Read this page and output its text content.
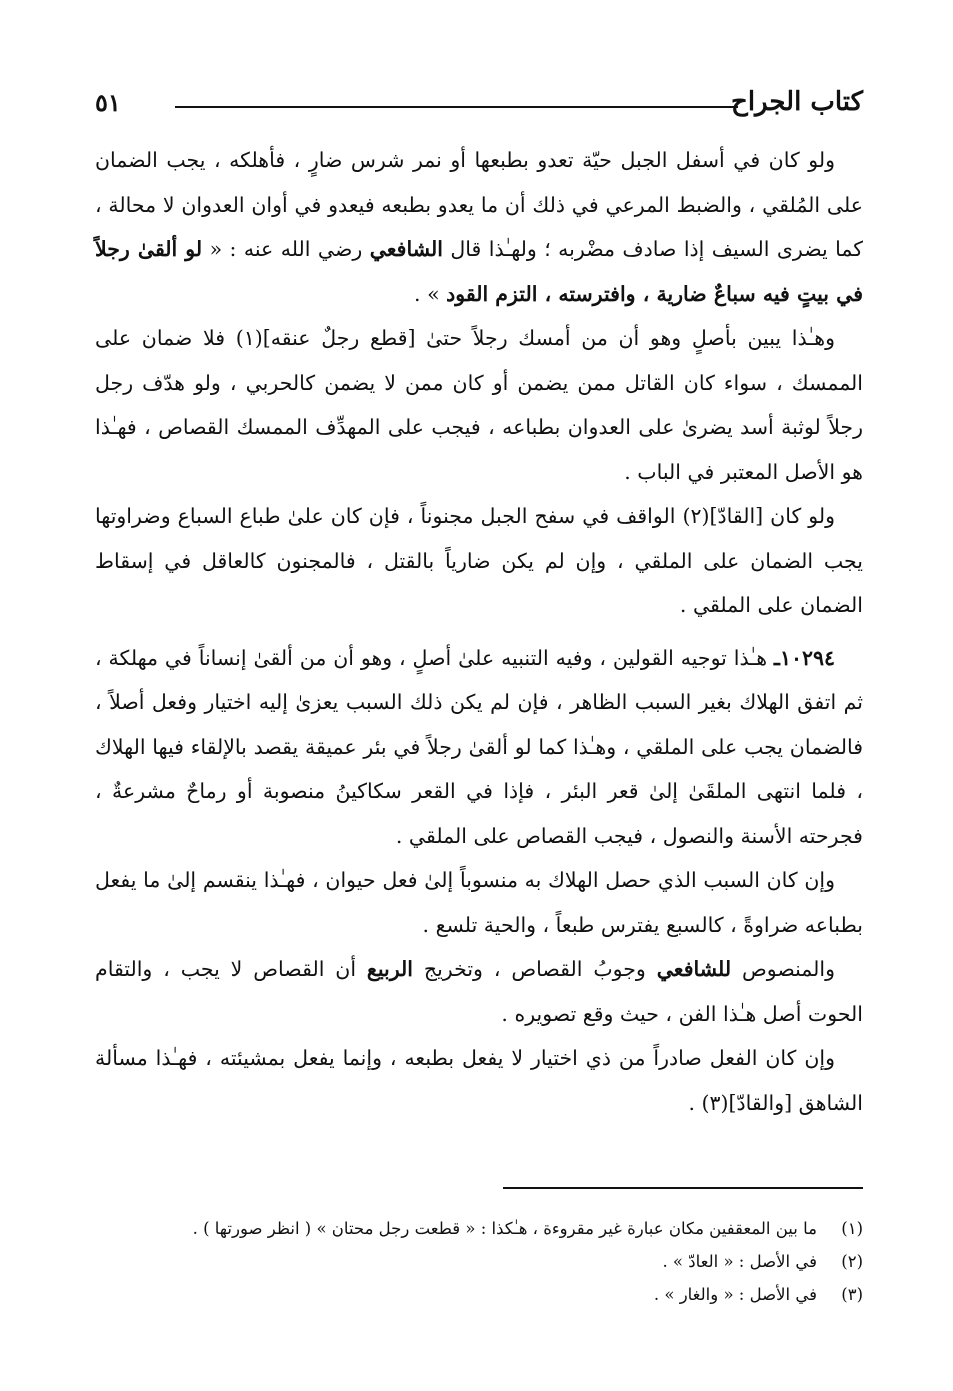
كتاب الجراح
٥١

ولو كان في أسفل الجبل حيّة تعدو بطبعها أو نمر شرس ضارٍ ، فأهلكه ، يجب الضمان على المُلقي ، والضبط المرعي في ذلك أن ما يعدو بطبعه فيعدو في أوان العدوان لا محالة ، كما يضرى السيف إذا صادف مضْربه ؛ ولهـٰذا قال الشافعي رضي الله عنه : « لو ألقىٰ رجلاً في بيتٍ فيه سباعٌ ضارية ، وافترسته ، التزم القود » .

وهـٰذا يبين بأصلٍ وهو أن من أمسك رجلاً حتىٰ [قطع رجلٌ عنقه](١) فلا ضمان على الممسك ، سواء كان القاتل ممن يضمن أو كان ممن لا يضمن كالحربي ، ولو هدّف رجل رجلاً لوثبة أسد يضرىٰ على العدوان بطباعه ، فيجب على المهدِّف الممسك القصاص ، فهـٰذا هو الأصل المعتبر في الباب .

ولو كان [القادّ](٢) الواقف في سفح الجبل مجنوناً ، فإن كان علىٰ طباع السباع وضراوتها يجب الضمان على الملقي ، وإن لم يكن ضارياً بالقتل ، فالمجنون كالعاقل في إسقاط الضمان على الملقي .

١٠٢٩٤ـ هـٰذا توجيه القولين ، وفيه التنبيه علىٰ أصلٍ ، وهو أن من ألقىٰ إنساناً في مهلكة ، ثم اتفق الهلاك بغير السبب الظاهر ، فإن لم يكن ذلك السبب يعزىٰ إليه اختيار وفعل أصلاً ، فالضمان يجب على الملقي ، وهـٰذا كما لو ألقىٰ رجلاً في بئر عميقة يقصد بالإلقاء فيها الهلاك ، فلما انتهى الملقَىٰ إلىٰ قعر البئر ، فإذا في القعر سكاكينُ منصوبة أو رماحٌ مشرعةٌ ، فجرحته الأسنة والنصول ، فيجب القصاص على الملقي .

وإن كان السبب الذي حصل الهلاك به منسوباً إلىٰ فعل حيوان ، فهـٰذا ينقسم إلىٰ ما يفعل بطباعه ضراوةً ، كالسبع يفترس طبعاً ، والحية تلسع .

والمنصوص للشافعي وجوبُ القصاص ، وتخريج الربيع أن القصاص لا يجب ، والتقام الحوت أصل هـٰذا الفن ، حيث وقع تصويره .

وإن كان الفعل صادراً من ذي اختيار لا يفعل بطبعه ، وإنما يفعل بمشيئته ، فهـٰذا مسألة الشاهق [والقادّ](٣) .

(١)
ما بين المعقفين مكان عبارة غير مقروءة ، هـٰكذا : « قطعت رجل محتان » ( انظر صورتها ) .
(٢)
في الأصل : « العادّ » .
(٣)
في الأصل : « والغار » .
